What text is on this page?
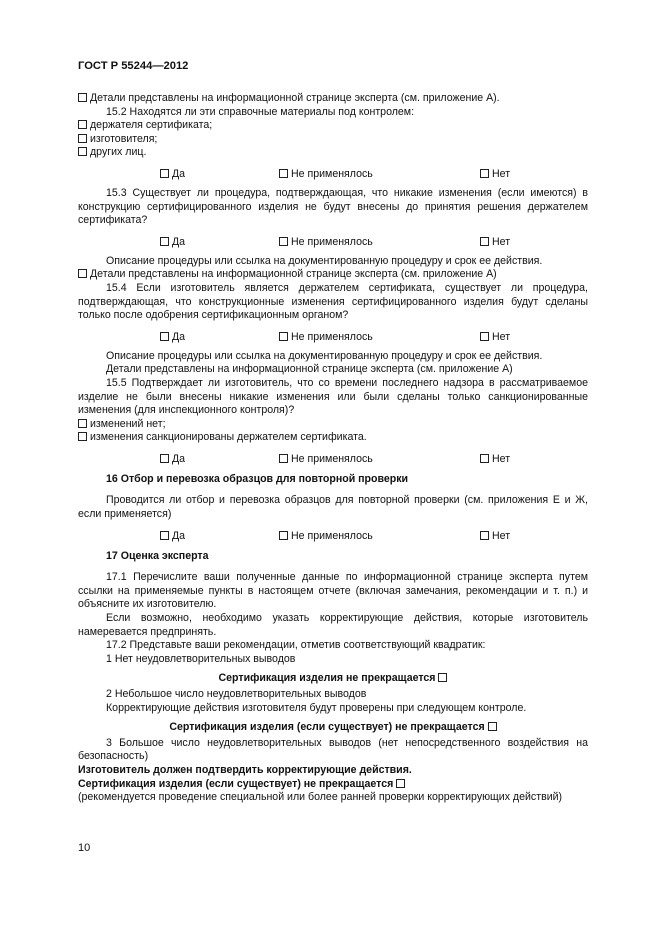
ГОСТ Р 55244—2012

Детали представлены на информационной странице эксперта (см. приложение А).

15.2 Находятся ли эти справочные материалы под контролем:

держателя сертификата;

изготовителя;

других лиц.

Да	Не применялось	Нет

15.3 Существует ли процедура, подтверждающая, что никакие изменения (если имеются) в конструкцию сертифицированного изделия не будут внесены до принятия решения держателем сертификата?

Да	Не применялось	Нет

Описание процедуры или ссылка на документированную процедуру и срок ее действия.

Детали представлены на информационной странице эксперта (см. приложение А)

15.4 Если изготовитель является держателем сертификата, существует ли процедура, подтверждающая, что конструкционные изменения сертифицированного изделия будут сделаны только после одобрения сертификационным органом?

Да	Не применялось	Нет

Описание процедуры или ссылка на документированную процедуру и срок ее действия.

Детали представлены на информационной странице эксперта (см. приложение А)

15.5 Подтверждает ли изготовитель, что со времени последнего надзора в рассматриваемое изделие не были внесены никакие изменения или были сделаны только санкционированные изменения (для инспекционного контроля)?

изменений нет;

изменения санкционированы держателем сертификата.

Да	Не применялось	Нет

16 Отбор и перевозка образцов для повторной проверки

Проводится ли отбор и перевозка образцов для повторной проверки (см. приложения Е и Ж, если применяется)

Да	Не применялось	Нет

17 Оценка эксперта

17.1 Перечислите ваши полученные данные по информационной странице эксперта путем ссылки на применяемые пункты в настоящем отчете (включая замечания, рекомендации и т. п.) и объясните их изготовителю.

Если возможно, необходимо указать корректирующие действия, которые изготовитель намеревается предпринять.

17.2 Представьте ваши рекомендации, отметив соответствующий квадратик:

1 Нет неудовлетворительных выводов

Сертификация изделия не прекращается

2 Небольшое число неудовлетворительных выводов

Корректирующие действия изготовителя будут проверены при следующем контроле.

Сертификация изделия (если существует) не прекращается

3 Большое число неудовлетворительных выводов (нет непосредственного воздействия на безопасность)

Изготовитель должен подтвердить корректирующие действия.

Сертификация изделия (если существует) не прекращается

(рекомендуется проведение специальной или более ранней проверки корректирующих действий)

10
